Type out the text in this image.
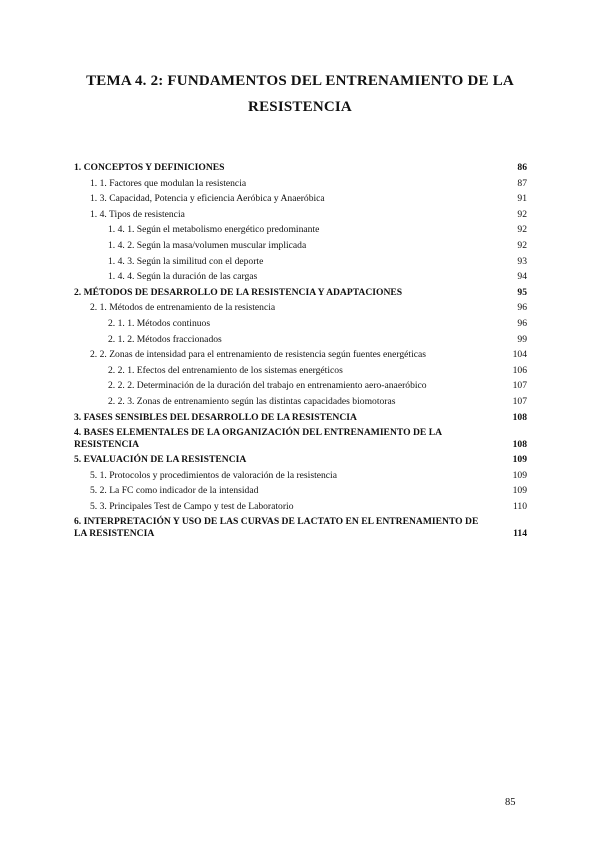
TEMA 4. 2: FUNDAMENTOS DEL ENTRENAMIENTO DE LA
RESISTENCIA
1. CONCEPTOS Y DEFINICIONES	86
1. 1. Factores que modulan la resistencia	87
1. 3. Capacidad, Potencia y eficiencia Aeróbica y Anaeróbica	91
1. 4. Tipos de resistencia	92
1. 4. 1. Según el metabolismo energético predominante	92
1. 4. 2. Según la masa/volumen muscular implicada	92
1. 4. 3. Según la similitud con el deporte	93
1. 4. 4. Según la duración de las cargas	94
2. MÉTODOS DE DESARROLLO DE LA RESISTENCIA Y ADAPTACIONES	95
2. 1. Métodos de entrenamiento de la resistencia	96
2. 1. 1. Métodos continuos	96
2. 1. 2. Métodos fraccionados	99
2. 2. Zonas de intensidad para el entrenamiento de resistencia según fuentes energéticas	104
2. 2. 1. Efectos del entrenamiento de los sistemas energéticos	106
2. 2. 2. Determinación de la duración del trabajo en entrenamiento aero-anaeróbico	107
2. 2. 3. Zonas de entrenamiento según las distintas capacidades biomotoras	107
3. FASES SENSIBLES DEL DESARROLLO DE LA RESISTENCIA	108
4. BASES ELEMENTALES DE LA ORGANIZACIÓN DEL ENTRENAMIENTO DE LA RESISTENCIA	108
5. EVALUACIÓN DE LA RESISTENCIA	109
5. 1. Protocolos y procedimientos de valoración de la resistencia	109
5. 2. La FC como indicador de la intensidad	109
5. 3. Principales Test de Campo y test de Laboratorio	110
6. INTERPRETACIÓN Y USO DE LAS CURVAS DE LACTATO EN EL ENTRENAMIENTO DE LA RESISTENCIA	114
85
